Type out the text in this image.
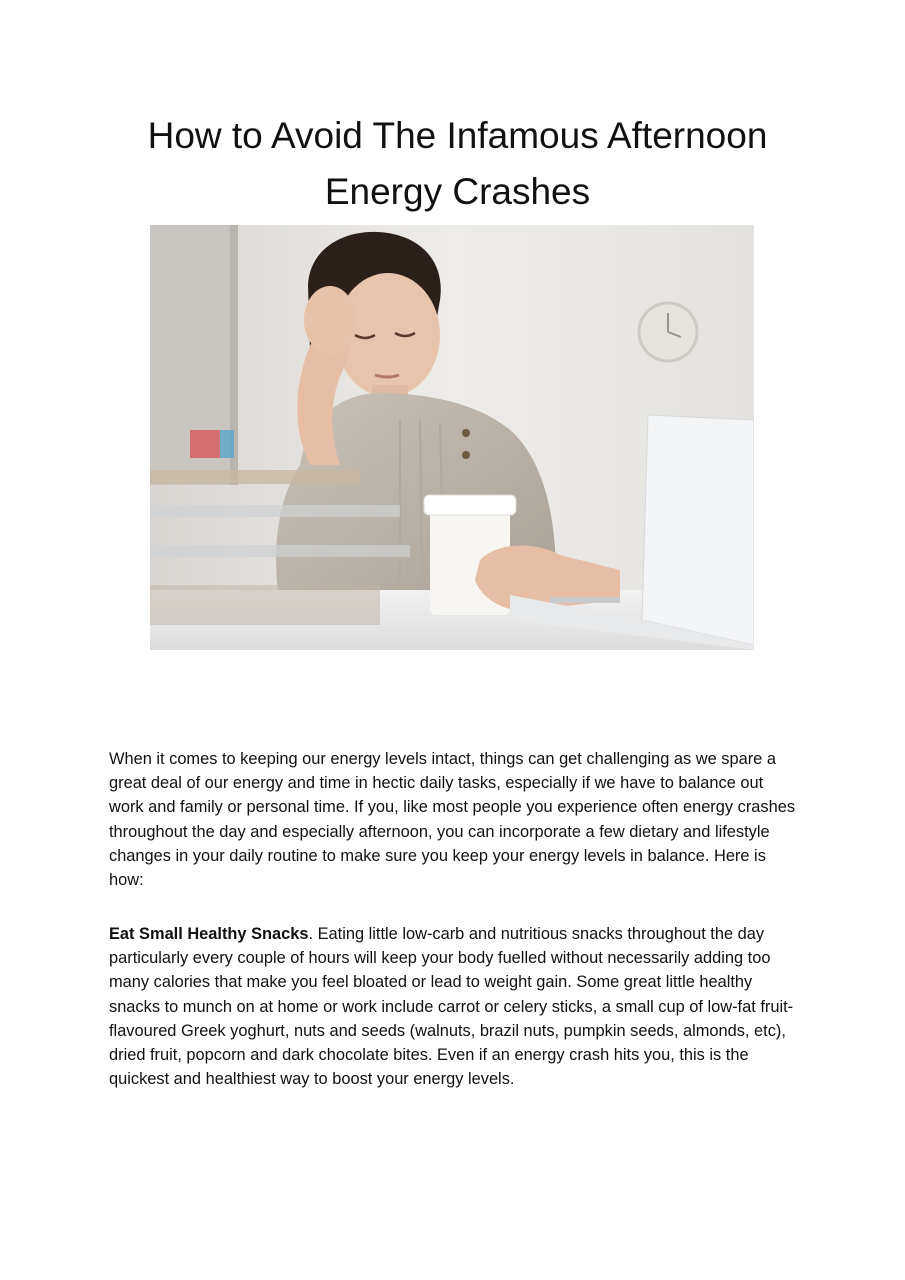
How to Avoid The Infamous Afternoon
Energy Crashes

When it comes to keeping our energy levels intact, things can get challenging as we spare a great deal of our energy and time in hectic daily tasks, especially if we have to balance out work and family or personal time. If you, like most people you experience often energy crashes throughout the day and especially afternoon, you can incorporate a few dietary and lifestyle changes in your daily routine to make sure you keep your energy levels in balance. Here is how:

Eat Small Healthy Snacks. Eating little low-carb and nutritious snacks throughout the day particularly every couple of hours will keep your body fuelled without necessarily adding too many calories that make you feel bloated or lead to weight gain. Some great little healthy snacks to munch on at home or work include carrot or celery sticks, a small cup of low-fat fruit-flavoured Greek yoghurt, nuts and seeds (walnuts, brazil nuts, pumpkin seeds, almonds, etc), dried fruit, popcorn and dark chocolate bites. Even if an energy crash hits you, this is the quickest and healthiest way to boost your energy levels.
